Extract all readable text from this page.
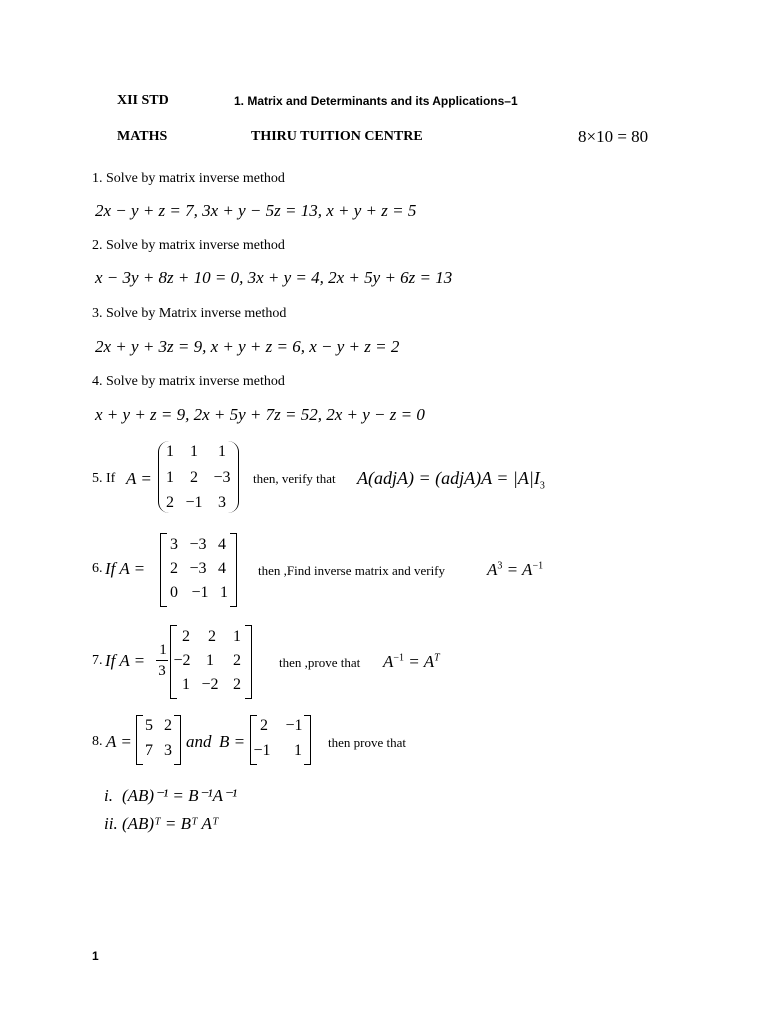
XII STD	1. Matrix and Determinants and its Applications–1
MATHS	THIRU TUITION CENTRE	8×10 = 80
1. Solve by matrix inverse method
2x − y + z = 7, 3x + y − 5z = 13, x + y + z = 5
2. Solve by matrix inverse method
x − 3y + 8z + 10 = 0, 3x + y = 4, 2x + 5y + 6z = 13
3. Solve by Matrix inverse method
2x + y + 3z = 9, x + y + z = 6, x − y + z = 2
4. Solve by matrix inverse method
x + y + z = 9, 2x + 5y + 7z = 52, 2x + y − z = 0
5. If A =
1	1	1
1	2 −3
2 −1 3
then, verify that A(adjA) = (adjA)A = $|A|I_3$
6. If A =
3 −3 4
2 −3 4
0 −1 1
then ,Find inverse matrix and verify $A^3 = A^{-1}$
7. If A =
1
3
2	2	1
−2 1	2
1 −2 2
then ,prove that $A^{-1} = A^T$
8. A =
5 2
7 3 and B =
2	−1
−1	1	then prove that
i. (AB)⁻¹ = B⁻¹A⁻¹
ii. (AB)ᵀ = Bᵀ Aᵀ
1
